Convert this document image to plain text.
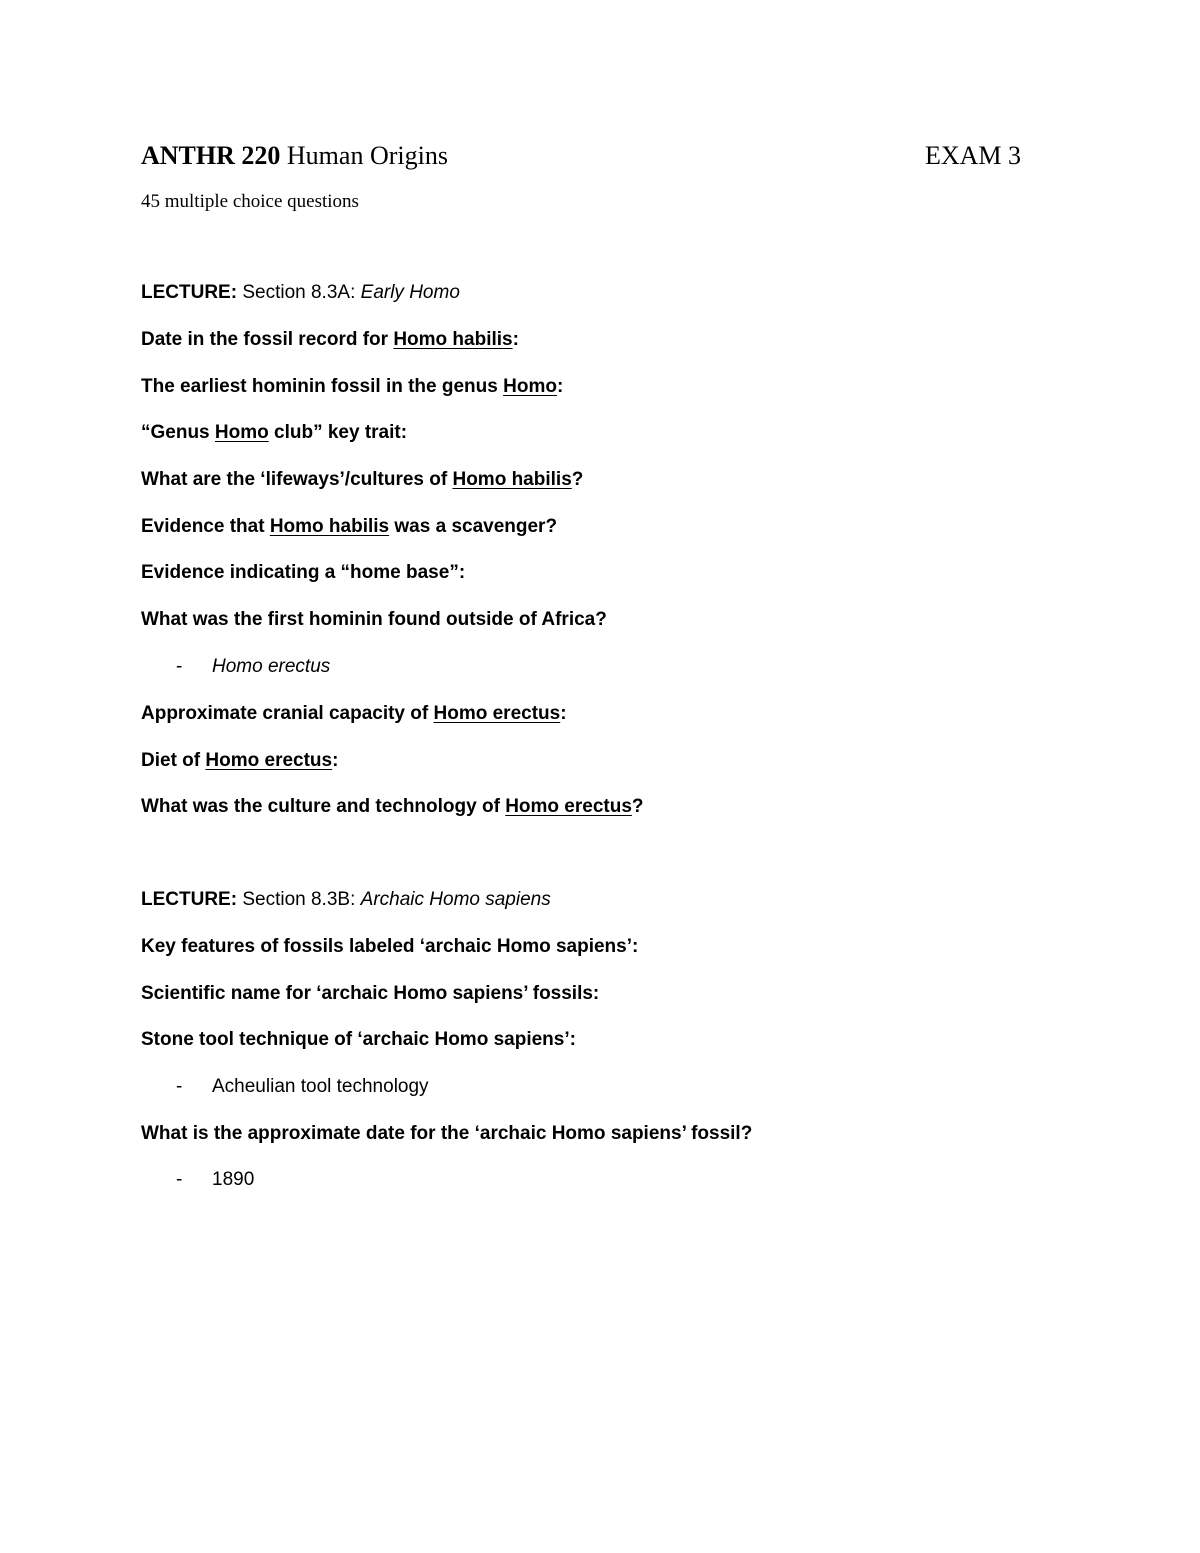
ANTHR 220 Human Origins	EXAM 3
45 multiple choice questions
LECTURE: Section 8.3A: Early Homo
Date in the fossil record for Homo habilis:
The earliest hominin fossil in the genus Homo:
“Genus Homo club” key trait:
What are the ‘lifeways’/cultures of Homo habilis?
Evidence that Homo habilis was a scavenger?
Evidence indicating a “home base”:
What was the first hominin found outside of Africa?
- Homo erectus
Approximate cranial capacity of Homo erectus:
Diet of Homo erectus:
What was the culture and technology of Homo erectus?
LECTURE: Section 8.3B: Archaic Homo sapiens
Key features of fossils labeled ‘archaic Homo sapiens’:
Scientific name for ‘archaic Homo sapiens’ fossils:
Stone tool technique of ‘archaic Homo sapiens’:
- Acheulian tool technology
What is the approximate date for the ‘archaic Homo sapiens’ fossil?
- 1890
